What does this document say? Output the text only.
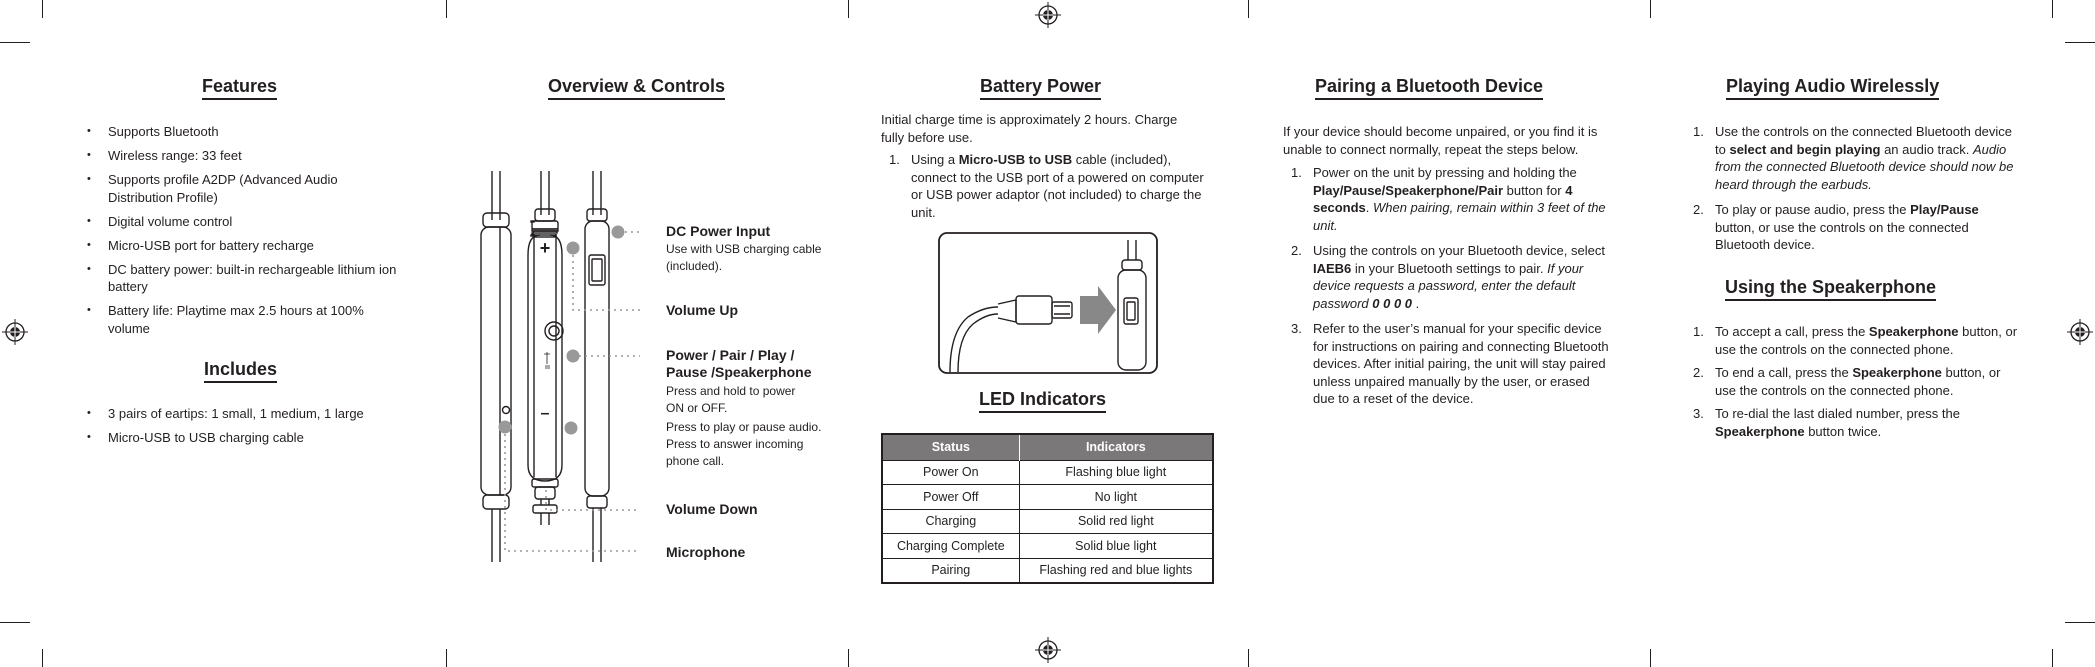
Features
• Supports Bluetooth
• Wireless range: 33 feet
• Supports profile A2DP (Advanced Audio Distribution Profile)
• Digital volume control
• Micro-USB port for battery recharge
• DC battery power: built-in rechargeable lithium ion battery
• Battery life: Playtime max 2.5 hours at 100% volume
Includes
• 3 pairs of eartips: 1 small, 1 medium, 1 large
• Micro-USB to USB charging cable
Overview & Controls
+
–
DC Power Input
Use with USB charging cable (included).
Volume Up
Power / Pair / Play / Pause /Speakerphone
Press and hold to power ON or OFF.
Press to play or pause audio.
Press to answer incoming phone call.
Volume Down
Microphone
Battery Power
Initial charge time is approximately 2 hours. Charge fully before use.
1. Using a Micro-USB to USB cable (included), connect to the USB port of a powered on computer or USB power adaptor (not included) to charge the unit.
LED Indicators
Status	Indicators
Power On	Flashing blue light
Power Off	No light
Charging	Solid red light
Charging Complete	Solid blue light
Pairing	Flashing red and blue lights
Pairing a Bluetooth Device
If your device should become unpaired, or you find it is unable to connect normally, repeat the steps below.
1. Power on the unit by pressing and holding the Play/Pause/Speakerphone/Pair button for 4 seconds. When pairing, remain within 3 feet of the unit.
2. Using the controls on your Bluetooth device, select IAEB6 in your Bluetooth settings to pair. If your device requests a password, enter the default password 0 0 0 0 .
3. Refer to the user’s manual for your specific device for instructions on pairing and connecting Bluetooth devices. After initial pairing, the unit will stay paired unless unpaired manually by the user, or erased due to a reset of the device.
Playing Audio Wirelessly
1. Use the controls on the connected Bluetooth device to select and begin playing an audio track. Audio from the connected Bluetooth device should now be heard through the earbuds.
2. To play or pause audio, press the Play/Pause button, or use the controls on the connected Bluetooth device.
Using the Speakerphone
1. To accept a call, press the Speakerphone button, or use the controls on the connected phone.
2. To end a call, press the Speakerphone button, or use the controls on the connected phone.
3. To re-dial the last dialed number, press the Speakerphone button twice.
